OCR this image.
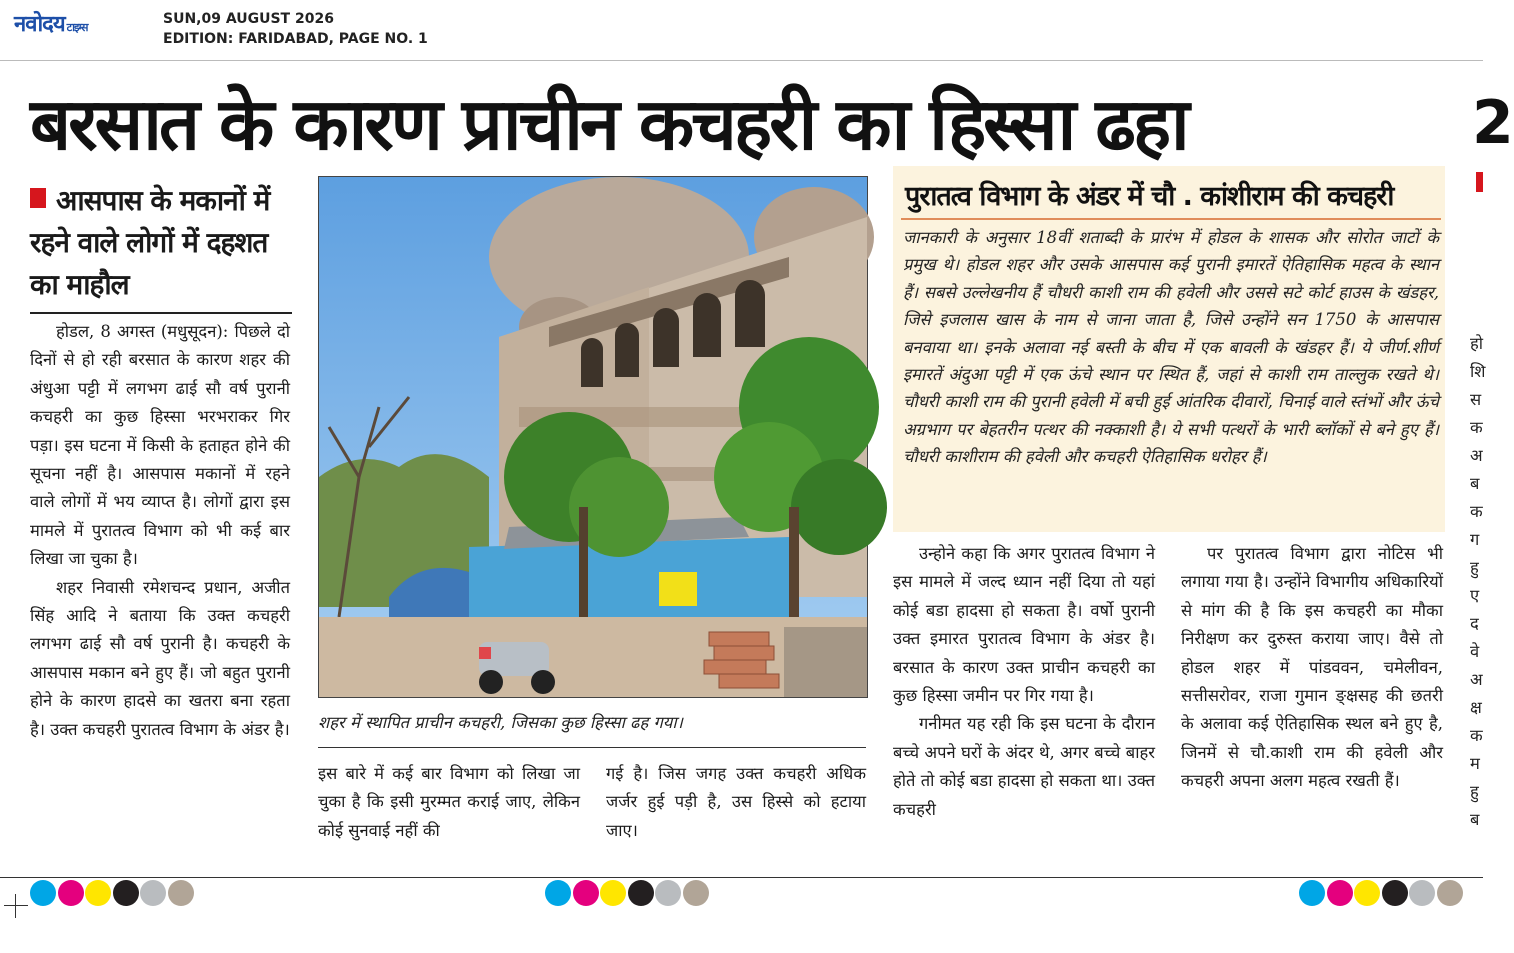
नवोदय टाइम्स
SUN,09 AUGUST 2026
EDITION: FARIDABAD, PAGE NO. 1
बरसात के कारण प्राचीन कचहरी का हिस्सा ढहा	2
आसपास के मकानों में रहने वाले लोगों में दहशत का माहौल

होडल, 8 अगस्त (मधुसूदन): पिछले दो दिनों से हो रही बरसात के कारण शहर की अंधुआ पट्टी में लगभग ढाई सौ वर्ष पुरानी कचहरी का कुछ हिस्सा भरभराकर गिर पड़ा। इस घटना में किसी के हताहत होने की सूचना नहीं है। आसपास मकानों में रहने वाले लोगों में भय व्याप्त है। लोगों द्वारा इस मामले में पुरातत्व विभाग को भी कई बार लिखा जा चुका है।

शहर निवासी रमेशचन्द प्रधान, अजीत सिंह आदि ने बताया कि उक्त कचहरी लगभग ढाई सौ वर्ष पुरानी है। कचहरी के आसपास मकान बने हुए हैं। जो बहुत पुरानी होने के कारण हादसे का खतरा बना रहता है। उक्त कचहरी पुरातत्व विभाग के अंडर है। शहर में स्थापित प्राचीन कचहरी, जिसका कुछ हिस्सा ढह गया।

इस बारे में कई बार विभाग को लिखा जा चुका है कि इसी मुरम्मत कराई जाए, लेकिन कोई सुनवाई नहीं की

गई है। जिस जगह उक्त कचहरी अधिक जर्जर हुई पड़ी है, उस हिस्से को हटाया जाए।

पुरातत्व विभाग के अंडर में चौ . कांशीराम की कचहरी
जानकारी के अनुसार 18वीं शताब्दी के प्रारंभ में होडल के शासक और सोरोत जाटों के प्रमुख थे। होडल शहर और उसके आसपास कई पुरानी इमारतें ऐतिहासिक महत्व के स्थान हैं। सबसे उल्लेखनीय हैं चौधरी काशी राम की हवेली और उससे सटे कोर्ट हाउस के खंडहर, जिसे इजलास खास के नाम से जाना जाता है, जिसे उन्होंने सन 1750 के आसपास बनवाया था। इनके अलावा नई बस्ती के बीच में एक बावली के खंडहर हैं। ये जीर्ण.शीर्ण इमारतें अंदुआ पट्टी में एक ऊंचे स्थान पर स्थित हैं, जहां से काशी राम ताल्लुक रखते थे। चौधरी काशी राम की पुरानी हवेली में बची हुई आंतरिक दीवारों, चिनाई वाले स्तंभों और ऊंचे अग्रभाग पर बेहतरीन पत्थर की नक्काशी है। ये सभी पत्थरों के भारी ब्लॉकों से बने हुए हैं। चौधरी काशीराम की हवेली और कचहरी ऐतिहासिक धरोहर हैं।

उन्होने कहा कि अगर पुरातत्व विभाग ने इस मामले में जल्द ध्यान नहीं दिया तो यहां कोई बडा हादसा हो सकता है। वर्षो पुरानी उक्त इमारत पुरातत्व विभाग के अंडर है। बरसात के कारण उक्त प्राचीन कचहरी का कुछ हिस्सा जमीन पर गिर गया है।

गनीमत यह रही कि इस घटना के दौरान बच्चे अपने घरों के अंदर थे, अगर बच्चे बाहर होते तो कोई बडा हादसा हो सकता था। उक्त कचहरी

पर पुरातत्व विभाग द्वारा नोटिस भी लगाया गया है। उन्होंने विभागीय अधिकारियों से मांग की है कि इस कचहरी का मौका निरीक्षण कर दुरुस्त कराया जाए। वैसे तो होडल शहर में पांडववन, चमेलीवन, सत्तीसरोवर, राजा गुमान ङ्क्षसह की छतरी के अलावा कई ऐतिहासिक स्थल बने हुए है, जिनमें से चौ.काशी राम की हवेली और कचहरी अपना अलग महत्व रखती हैं।

हो शि स क अ ब क ग हु ए द वे अ क्ष क म हु ब
